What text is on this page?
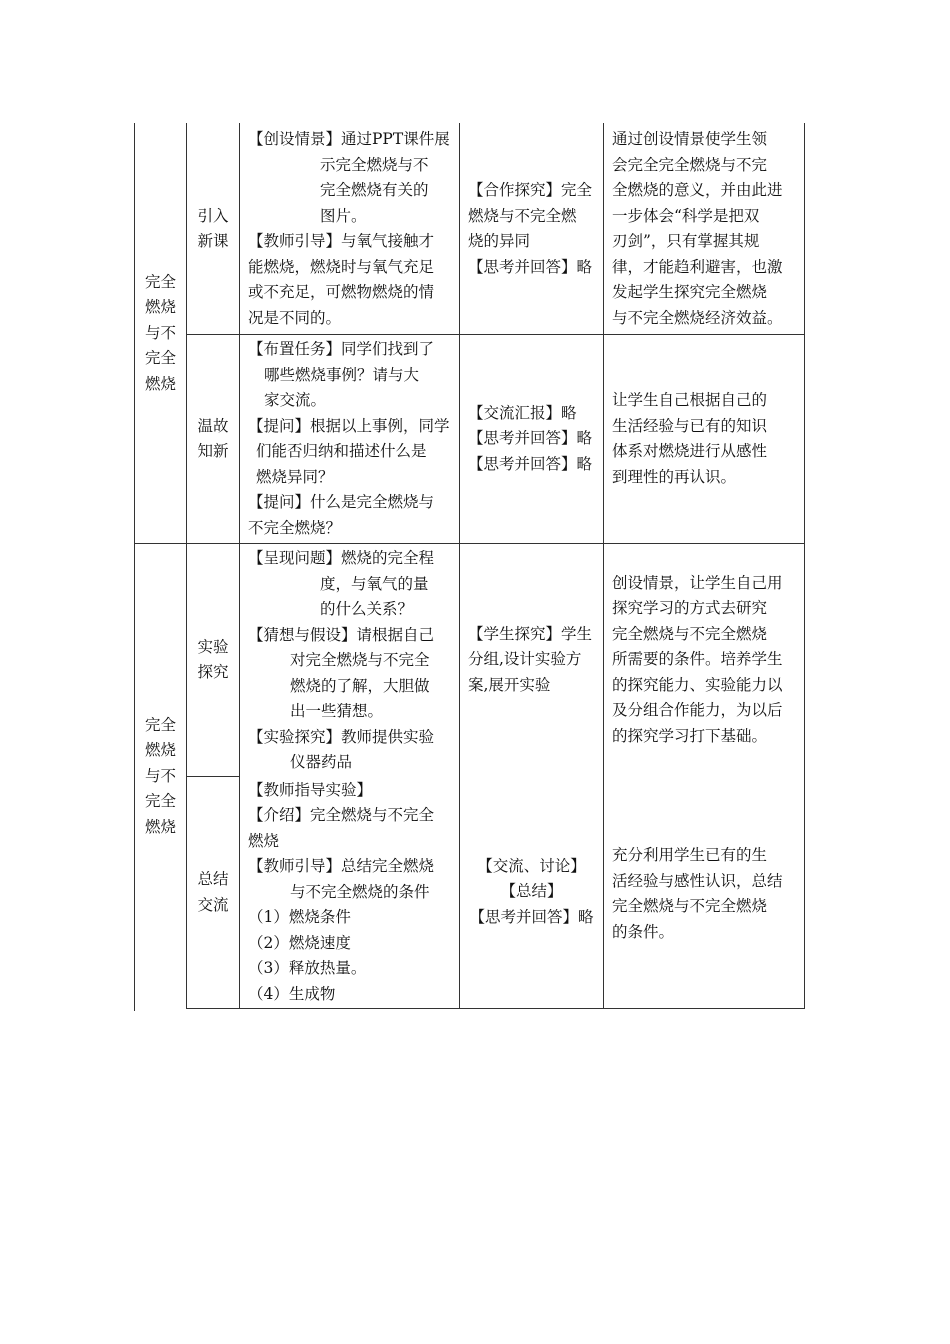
完全
燃烧
与不
完全
燃烧
完全
燃烧
与不
完全
燃烧
引入
新课
【创设情景】通过PPT课件展
示完全燃烧与不
完全燃烧有关的
图片。
【教师引导】与氧气接触才
能燃烧，燃烧时与氧气充足
或不充足，可燃物燃烧的情
况是不同的。
【合作探究】完全
燃烧与不完全燃
烧的异同
【思考并回答】略
通过创设情景使学生领
会完全完全燃烧与不完
全燃烧的意义，并由此进
一步体会“科学是把双
刃剑”，只有掌握其规
律，才能趋利避害，也激
发起学生探究完全燃烧
与不完全燃烧经济效益。
温故
知新
【布置任务】同学们找到了
哪些燃烧事例？请与大
家交流。
【提问】根据以上事例，同学
们能否归纳和描述什么是
燃烧异同？
【提问】什么是完全燃烧与
不完全燃烧？
【交流汇报】略
【思考并回答】略
【思考并回答】略
让学生自己根据自己的
生活经验与已有的知识
体系对燃烧进行从感性
到理性的再认识。
实验
探究
【呈现问题】燃烧的完全程
度，与氧气的量
的什么关系？
【猜想与假设】请根据自己
对完全燃烧与不完全
燃烧的了解，大胆做
出一些猜想。
【实验探究】教师提供实验
仪器药品
【学生探究】学生
分组,设计实验方
案,展开实验
创设情景，让学生自己用
探究学习的方式去研究
完全燃烧与不完全燃烧
所需要的条件。培养学生
的探究能力、实验能力以
及分组合作能力，为以后
的探究学习打下基础。
总结
交流
【教师指导实验】
【介绍】完全燃烧与不完全
燃烧
【教师引导】总结完全燃烧
与不完全燃烧的条件
（1）燃烧条件
（2）燃烧速度
（3）释放热量。
（4）生成物
【交流、讨论】
【总结】
【思考并回答】略
充分利用学生已有的生
活经验与感性认识，总结
完全燃烧与不完全燃烧
的条件。
